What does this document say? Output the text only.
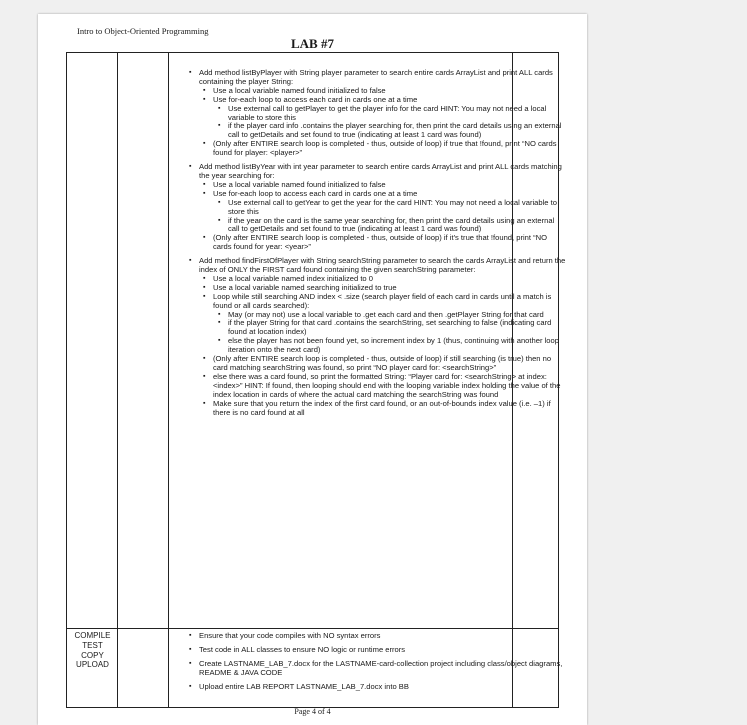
Intro to Object-Oriented Programming
LAB #7
▪ Add method listByPlayer with String player parameter to search entire cards ArrayList and print ALL cards containing the player String:
▪ Use a local variable named found initialized to false
▪ Use for-each loop to access each card in cards one at a time
▪ Use external call to getPlayer to get the player info for the card HINT: You may not need a local variable to store this
▪ if the player card info .contains the player searching for, then print the card details using an external call to getDetails and set found to true (indicating at least 1 card was found)
▪ (Only after ENTIRE search loop is completed - thus, outside of loop) if true that !found, print “NO cards found for player: <player>”
▪ Add method listByYear with int year parameter to search entire cards ArrayList and print ALL cards matching the year searching for:
▪ Use a local variable named found initialized to false
▪ Use for-each loop to access each card in cards one at a time
▪ Use external call to getYear to get the year for the card HINT: You may not need a local variable to store this
▪ if the year on the card is the same year searching for, then print the card details using an external call to getDetails and set found to true (indicating at least 1 card was found)
▪ (Only after ENTIRE search loop is completed - thus, outside of loop) if it's true that !found, print “NO cards found for year: <year>”
▪ Add method findFirstOfPlayer with String searchString parameter to search the cards ArrayList and return the index of ONLY the FIRST card found containing the given searchString parameter:
▪ Use a local variable named index initialized to 0
▪ Use a local variable named searching initialized to true
▪ Loop while still searching AND index < .size (search player field of each card in cards until a match is found or all cards searched):
▪ May (or may not) use a local variable to .get each card and then .getPlayer String for that card
▪ if the player String for that card .contains the searchString, set searching to false (indicating card found at location index)
▪ else the player has not been found yet, so increment index by 1 (thus, continuing with another loop iteration onto the next card)
▪ (Only after ENTIRE search loop is completed - thus, outside of loop) if still searching (is true) then no card matching searchString was found, so print “NO player card for: <searchString>”
▪ else there was a card found, so print the formatted String: “Player card for: <searchString> at index: <index>” HINT: If found, then looping should end with the looping variable index holding the value of the index location in cards of where the actual card matching the searchString was found
▪ Make sure that you return the index of the first card found, or an out-of-bounds index value (i.e. –1) if there is no card found at all
COMPILE
TEST
COPY
UPLOAD
▪ Ensure that your code compiles with NO syntax errors
▪ Test code in ALL classes to ensure NO logic or runtime errors
▪ Create LASTNAME_LAB_7.docx for the LASTNAME-card-collection project including class/object diagrams, README & JAVA CODE
▪ Upload entire LAB REPORT LASTNAME_LAB_7.docx into BB
Page 4 of 4
